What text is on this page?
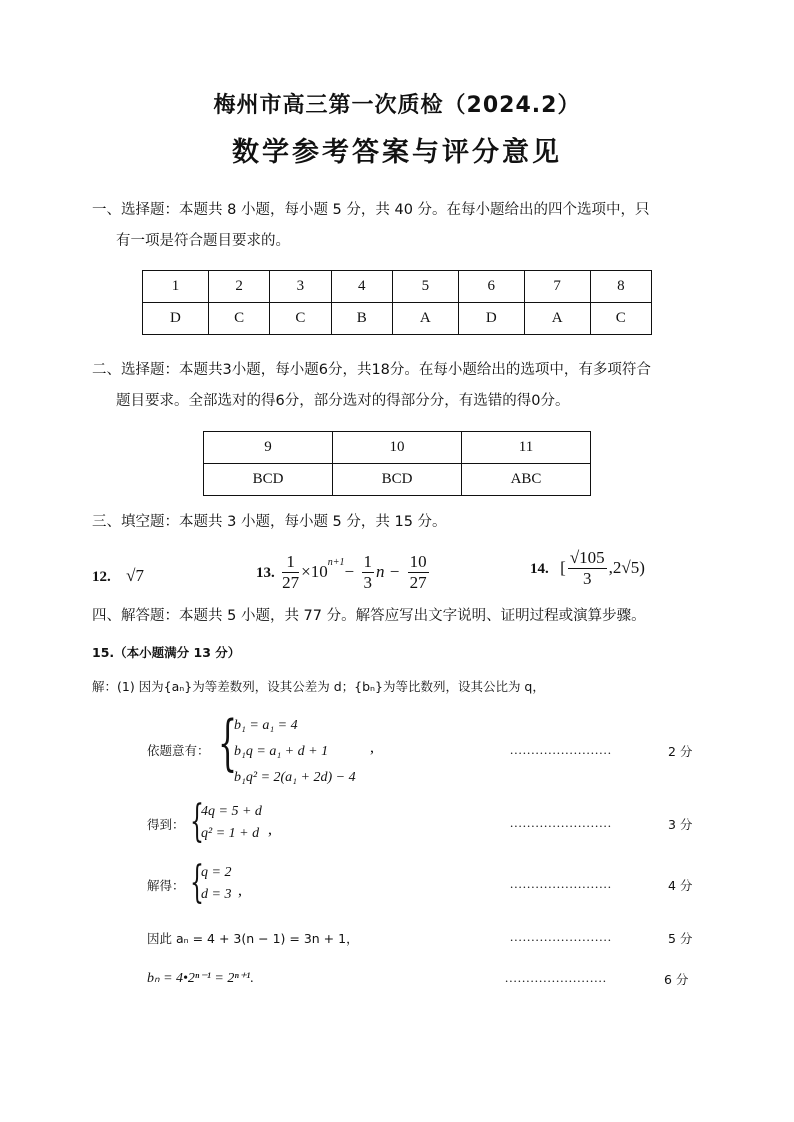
梅州市高三第一次质检（2024.2）
数学参考答案与评分意见
一、选择题：本题共 8 小题，每小题 5 分，共 40 分。在每小题给出的四个选项中，只
有一项是符合题目要求的。
1	2	3	4	5	6	7	8
D	C	C	B	A	D	A	C
二、选择题：本题共3小题，每小题6分，共18分。在每小题给出的选项中，有多项符合
题目要求。全部选对的得6分，部分选对的得部分分，有选错的得0分。
9	10	11
BCD	BCD	ABC
三、填空题：本题共 3 小题，每小题 5 分，共 15 分。
12. √7	13. $\frac{1}{27} \times 10^{n+1}- \frac{1}{3}$ $n - \frac{10}{27}$	14. [ $\frac{√105}{3} ,2√5$)
四、解答题：本题共 5 小题，共 77 分。解答应写出文字说明、证明过程或演算步骤。
15.（本小题满分 13 分）
解：(1) 因为{aₙ}为等差数列，设其公差为 d；{bₙ}为等比数列，设其公比为 q，
依题意有： {
b₁ = a₁ = 4
b₁q = a₁ + d + 1
b₁q² = 2(a₁ + 2d) − 4
,	........................	2 分
得到： {
4q = 5 + d
q² = 1 + d ,	........................	3 分
解得： {
q = 2
d = 3 ,	........................	4 分
因此 aₙ = 4 + 3(n − 1) = 3n + 1，	........................	5 分
bₙ = 4•2ⁿ⁻¹ = 2ⁿ⁺¹.	........................	6 分
